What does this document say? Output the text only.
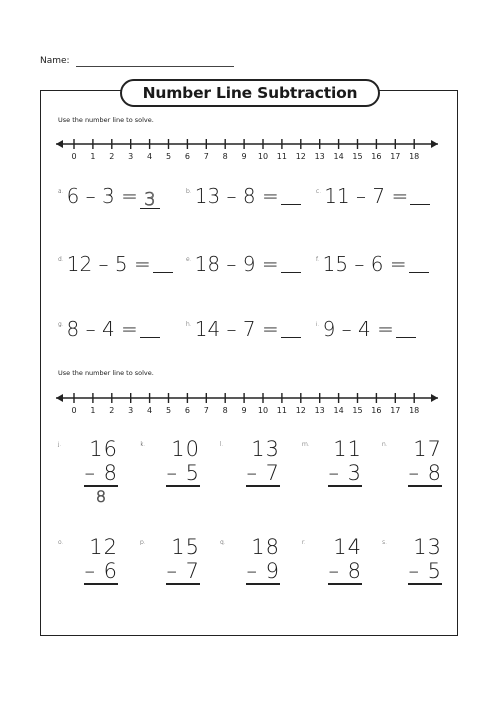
Name:
Number Line Subtraction
Use the number line to solve.
0 1 2 3 4 5 6 7 8 9 10 11 12 13 14 15 16 17 18
$^{a.}$ 6 – 3 = 3	$^{b.}$ 13 – 8 =	$^{c.}$ 11 – 7 =
$^{d.}$ 12 – 5 =	$^{e.}$ 18 – 9 =	$^{f.}$ 15 – 6 =
$^{g.}$ 8 – 4 =	$^{h.}$ 14 – 7 =	$^{i.}$ 9 – 4 =
Use the number line to solve.
0 1 2 3 4 5 6 7 8 9 10 11 12 13 14 15 16 17 18
j. 16
– 8
8
k. 10
– 5
l. 13
– 7
m. 11
– 3
n. 17
– 8
o. 12
– 6
p. 15
– 7
q. 18
– 9
r. 14
– 8
s. 13
– 5
